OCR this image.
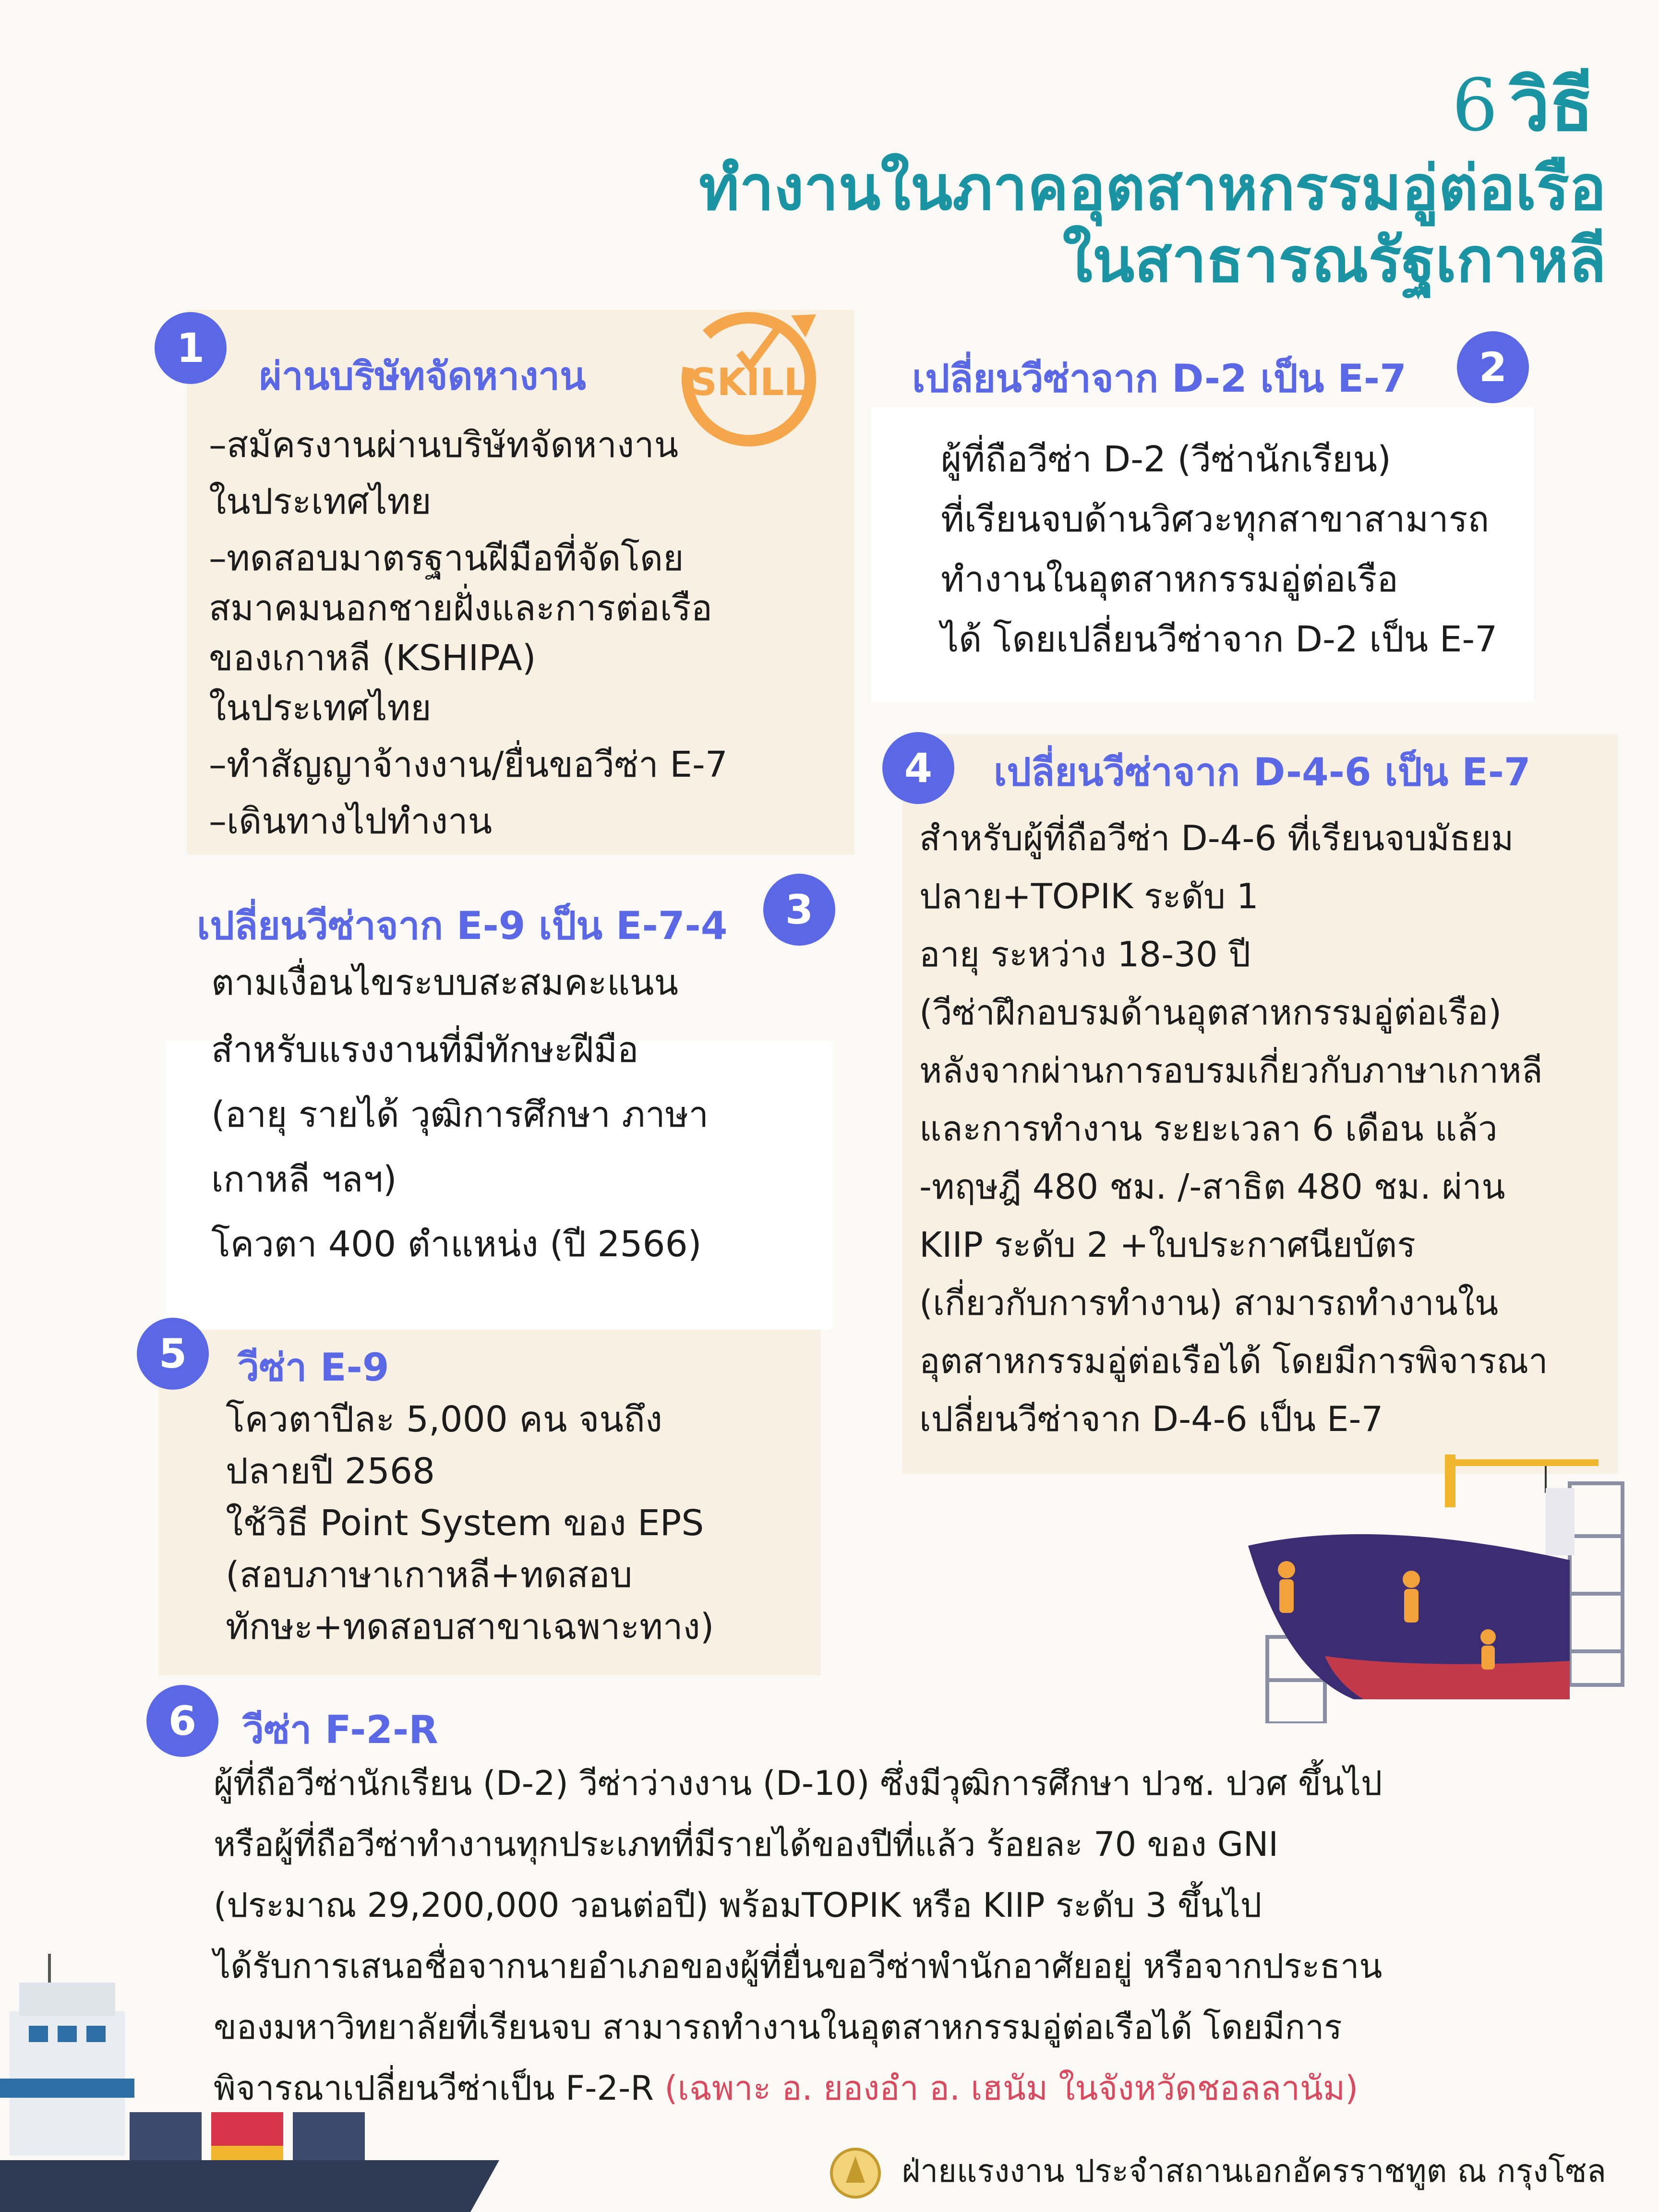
6 วิธี
ทำงานในภาคอุตสาหกรรมอู่ต่อเรือ
ในสาธารณรัฐเกาหลี
SKILL
1
ผ่านบริษัทจัดหางาน
–สมัครงานผ่านบริษัทจัดหางาน
ในประเทศไทย
–ทดสอบมาตรฐานฝีมือที่จัดโดย
สมาคมนอกชายฝั่งและการต่อเรือ
ของเกาหลี (KSHIPA)
ในประเทศไทย
–ทำสัญญาจ้างงาน/ยื่นขอวีซ่า E-7
–เดินทางไปทำงาน
เปลี่ยนวีซ่าจาก D-2 เป็น E-7	2
ผู้ที่ถือวีซ่า D-2 (วีซ่านักเรียน)
ที่เรียนจบด้านวิศวะทุกสาขาสามารถ
ทำงานในอุตสาหกรรมอู่ต่อเรือ
ได้ โดยเปลี่ยนวีซ่าจาก D-2 เป็น E-7
4	เปลี่ยนวีซ่าจาก D-4-6 เป็น E-7
สำหรับผู้ที่ถือวีซ่า D-4-6 ที่เรียนจบมัธยม
ปลาย+TOPIK ระดับ 1
อายุ ระหว่าง 18-30 ปี
(วีซ่าฝึกอบรมด้านอุตสาหกรรมอู่ต่อเรือ)
หลังจากผ่านการอบรมเกี่ยวกับภาษาเกาหลี
และการทำงาน ระยะเวลา 6 เดือน แล้ว
-ทฤษฎี 480 ชม. /-สาธิต 480 ชม. ผ่าน
KIIP ระดับ 2 +ใบประกาศนียบัตร
(เกี่ยวกับการทำงาน) สามารถทำงานใน
อุตสาหกรรมอู่ต่อเรือได้ โดยมีการพิจารณา
เปลี่ยนวีซ่าจาก D-4-6 เป็น E-7
เปลี่ยนวีซ่าจาก E-9 เป็น E-7-4	3
ตามเงื่อนไขระบบสะสมคะแนน
สำหรับแรงงานที่มีทักษะฝีมือ
(อายุ รายได้ วุฒิการศึกษา ภาษา
เกาหลี ฯลฯ)
โควตา 400 ตำแหน่ง (ปี 2566)
5	วีซ่า E-9
โควตาปีละ 5,000 คน จนถึง
ปลายปี 2568
ใช้วิธี Point System ของ EPS
(สอบภาษาเกาหลี+ทดสอบ
ทักษะ+ทดสอบสาขาเฉพาะทาง)
6	วีซ่า F-2-R
ผู้ที่ถือวีซ่านักเรียน (D-2) วีซ่าว่างงาน (D-10) ซึ่งมีวุฒิการศึกษา ปวช. ปวศ ขึ้นไป
หรือผู้ที่ถือวีซ่าทำงานทุกประเภทที่มีรายได้ของปีที่แล้ว ร้อยละ 70 ของ GNI
(ประมาณ 29,200,000 วอนต่อปี) พร้อมTOPIK หรือ KIIP ระดับ 3 ขึ้นไป
ได้รับการเสนอชื่อจากนายอำเภอของผู้ที่ยื่นขอวีซ่าพำนักอาศัยอยู่ หรือจากประธาน
ของมหาวิทยาลัยที่เรียนจบ สามารถทำงานในอุตสาหกรรมอู่ต่อเรือได้ โดยมีการ
พิจารณาเปลี่ยนวีซ่าเป็น F-2-R (เฉพาะ อ. ยองอำ อ. เฮนัม ในจังหวัดชอลลานัม)
ฝ่ายแรงงาน ประจำสถานเอกอัครราชทูต ณ กรุงโซล
